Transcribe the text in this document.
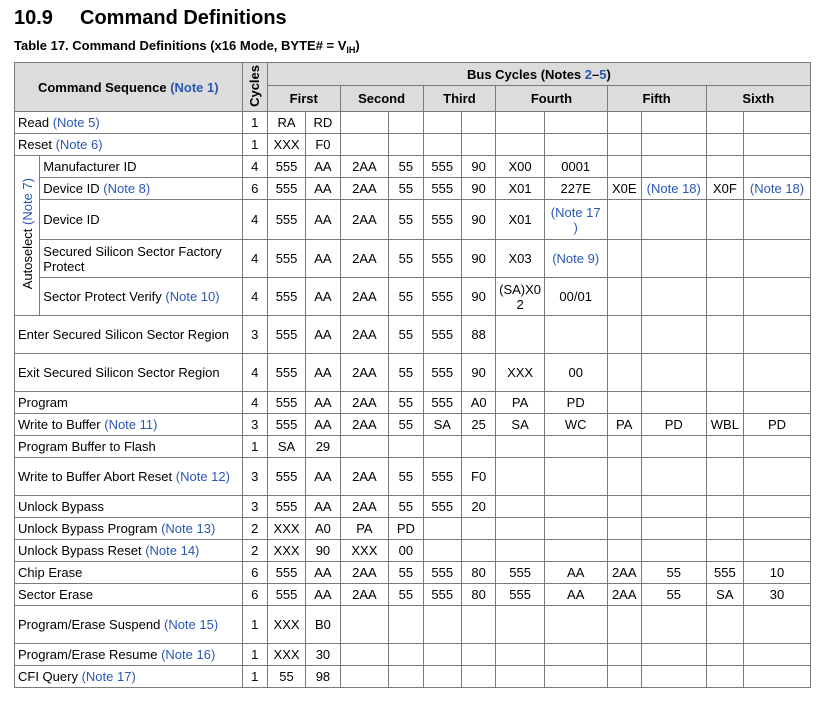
10.9 Command Definitions
Table 17. Command Definitions (x16 Mode, BYTE# = $V_{IH}$)
Command Sequence (Note 1)		Cycles	Bus Cycles (Notes 2–5)											
			First		Second		Third		Fourth		Fifth		Sixth	
Read (Note 5)		1	RA	RD										
Reset (Note 6)		1	XXX	F0										
Autoselect (Note 7)	Manufacturer ID	4	555	AA	2AA	55	555	90	X00	0001				
	Device ID (Note 8)	6	555	AA	2AA	55	555	90	X01	227E	X0E	(Note 18)	X0F	(Note 18)
	Device ID	4	555	AA	2AA	55	555	90	X01	(Note 17 )				
	Secured Silicon Sector Factory Protect	4	555	AA	2AA	55	555	90	X03	(Note 9)				
	Sector Protect Verify (Note 10)	4	555	AA	2AA	55	555	90	(SA)X0 2	00/01				
Enter Secured Silicon Sector Region		3	555	AA	2AA	55	555	88						
Exit Secured Silicon Sector Region		4	555	AA	2AA	55	555	90	XXX	00				
Program		4	555	AA	2AA	55	555	A0	PA	PD				
Write to Buffer (Note 11)		3	555	AA	2AA	55	SA	25	SA	WC	PA	PD	WBL	PD
Program Buffer to Flash		1	SA	29										
Write to Buffer Abort Reset (Note 12)		3	555	AA	2AA	55	555	F0						
Unlock Bypass		3	555	AA	2AA	55	555	20						
Unlock Bypass Program (Note 13)		2	XXX	A0	PA	PD								
Unlock Bypass Reset (Note 14)		2	XXX	90	XXX	00								
Chip Erase		6	555	AA	2AA	55	555	80	555	AA	2AA	55	555	10
Sector Erase		6	555	AA	2AA	55	555	80	555	AA	2AA	55	SA	30
Program/Erase Suspend (Note 15)		1	XXX	B0										
Program/Erase Resume (Note 16)		1	XXX	30										
CFI Query (Note 17)		1	55	98										
